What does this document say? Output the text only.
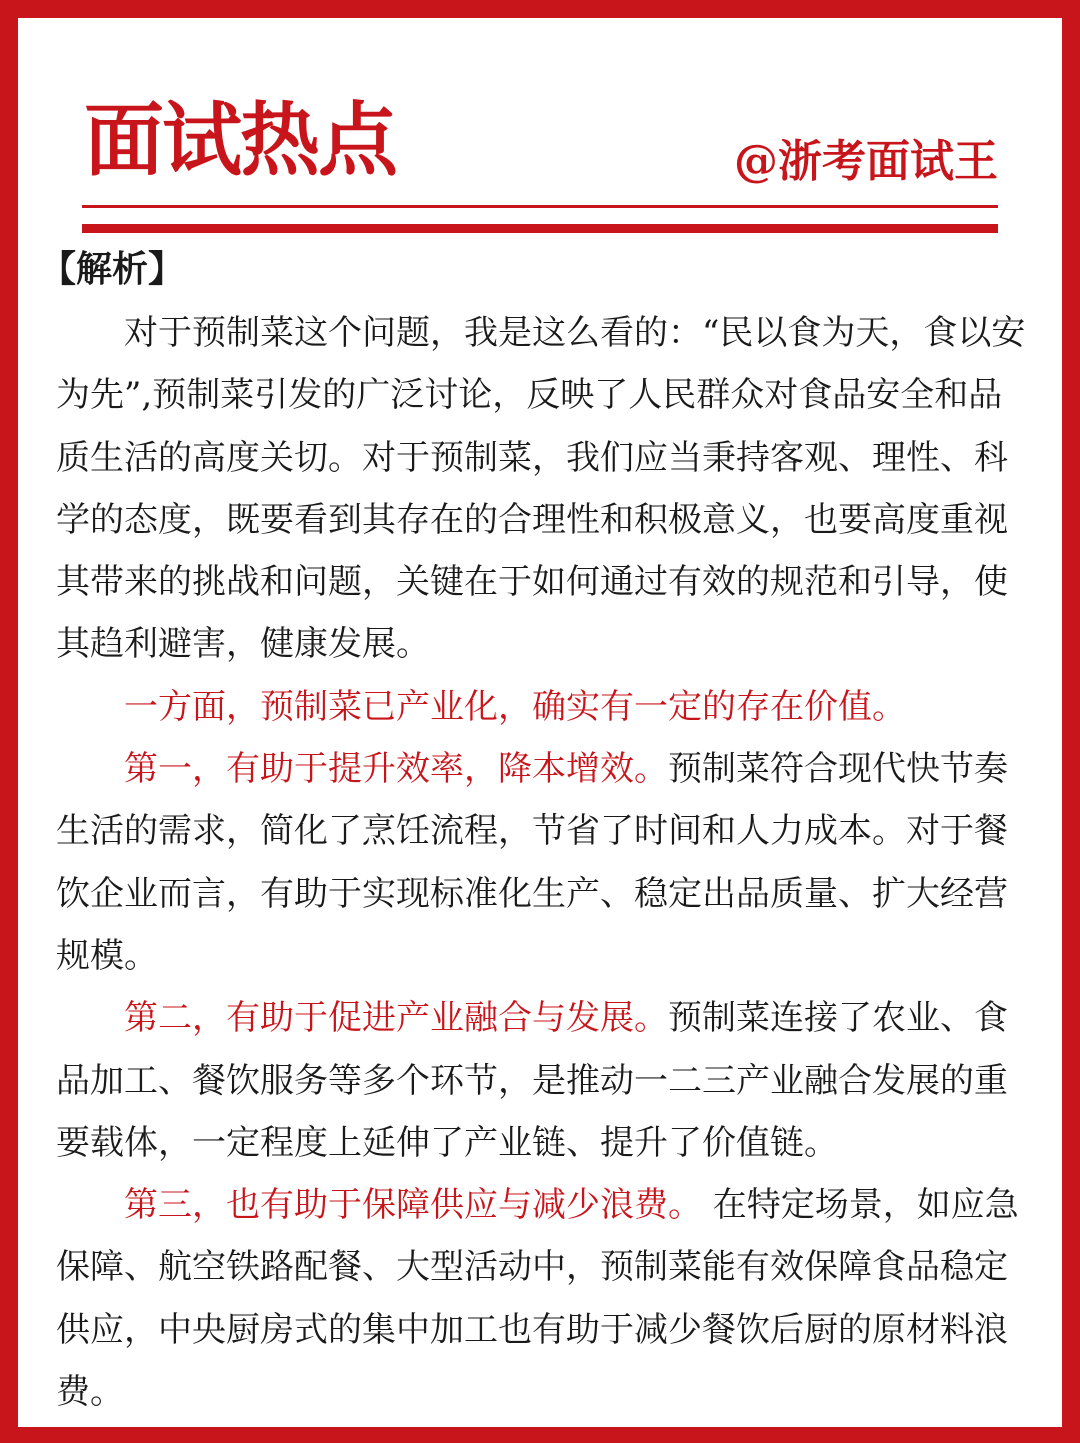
面试热点	@浙考面试王
【解析】

对于预制菜这个问题，我是这么看的：“民以食为天，食以安为先”,预制菜引发的广泛讨论，反映了人民群众对食品安全和品质生活的高度关切。对于预制菜，我们应当秉持客观、理性、科学的态度，既要看到其存在的合理性和积极意义，也要高度重视其带来的挑战和问题，关键在于如何通过有效的规范和引导，使其趋利避害，健康发展。

一方面，预制菜已产业化，确实有一定的存在价值。

第一，有助于提升效率，降本增效。预制菜符合现代快节奏生活的需求，简化了烹饪流程，节省了时间和人力成本。对于餐饮企业而言，有助于实现标准化生产、稳定出品质量、扩大经营规模。

第二，有助于促进产业融合与发展。预制菜连接了农业、食品加工、餐饮服务等多个环节，是推动一二三产业融合发展的重要载体，一定程度上延伸了产业链、提升了价值链。

第三，也有助于保障供应与减少浪费。 在特定场景，如应急保障、航空铁路配餐、大型活动中，预制菜能有效保障食品稳定供应，中央厨房式的集中加工也有助于减少餐饮后厨的原材料浪费。
